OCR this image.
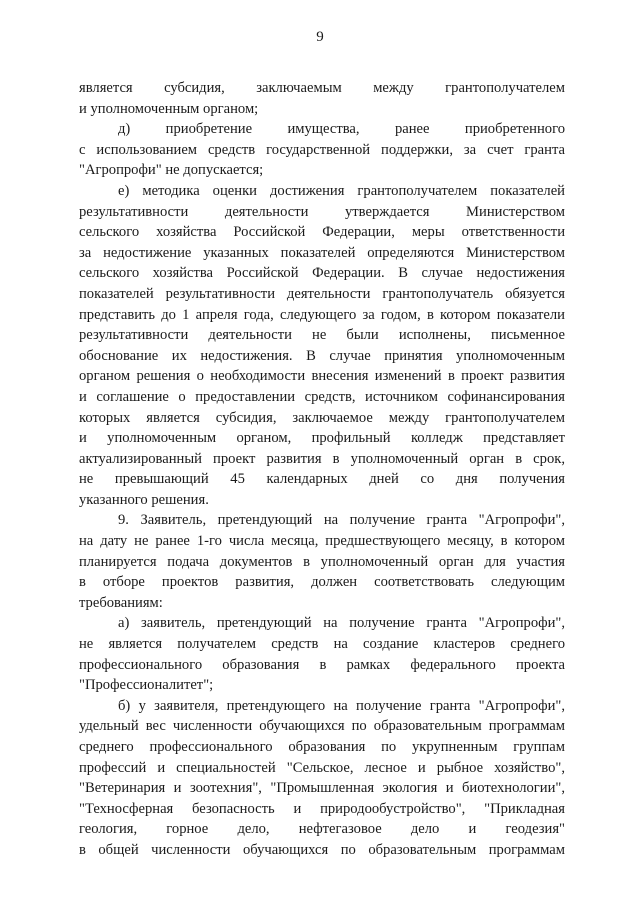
9
является субсидия, заключаемым между грантополучателем
и уполномоченным органом;
д) приобретение имущества, ранее приобретенного
с использованием средств государственной поддержки, за счет гранта
"Агропрофи" не допускается;
е) методика оценки достижения грантополучателем показателей
результативности деятельности утверждается Министерством
сельского хозяйства Российской Федерации, меры ответственности
за недостижение указанных показателей определяются Министерством
сельского хозяйства Российской Федерации. В случае недостижения
показателей результативности деятельности грантополучатель обязуется
представить до 1 апреля года, следующего за годом, в котором показатели
результативности деятельности не были исполнены, письменное
обоснование их недостижения. В случае принятия уполномоченным
органом решения о необходимости внесения изменений в проект развития
и соглашение о предоставлении средств, источником софинансирования
которых является субсидия, заключаемое между грантополучателем
и уполномоченным органом, профильный колледж представляет
актуализированный проект развития в уполномоченный орган в срок,
не превышающий 45 календарных дней со дня получения
указанного решения.
9. Заявитель, претендующий на получение гранта "Агропрофи",
на дату не ранее 1-го числа месяца, предшествующего месяцу, в котором
планируется подача документов в уполномоченный орган для участия
в отборе проектов развития, должен соответствовать следующим
требованиям:
а) заявитель, претендующий на получение гранта "Агропрофи",
не является получателем средств на создание кластеров среднего
профессионального образования в рамках федерального проекта
"Профессионалитет";
б) у заявителя, претендующего на получение гранта "Агропрофи",
удельный вес численности обучающихся по образовательным программам
среднего профессионального образования по укрупненным группам
профессий и специальностей "Сельское, лесное и рыбное хозяйство",
"Ветеринария и зоотехния", "Промышленная экология и биотехнологии",
"Техносферная безопасность и природообустройство", "Прикладная
геология, горное дело, нефтегазовое дело и геодезия"
в общей численности обучающихся по образовательным программам
